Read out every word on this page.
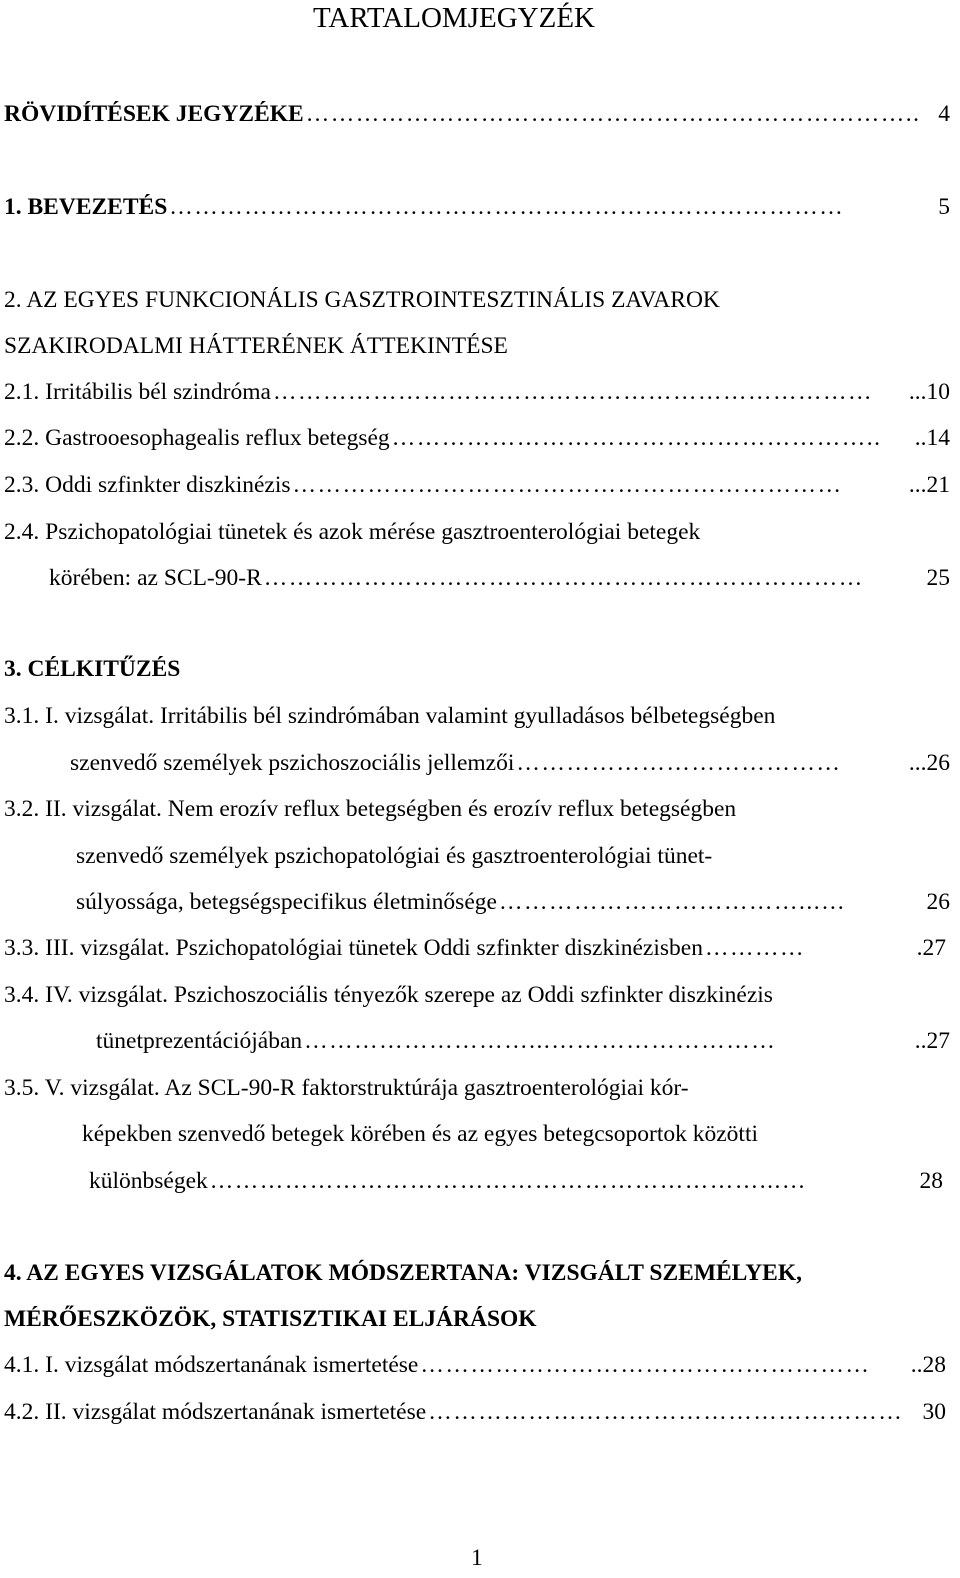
TARTALOMJEGYZÉK
RÖVIDÍTÉSEK JEGYZÉKE ……………………………………………………………….. 4
1. BEVEZETÉS ………………………………………………………………………	5
2. AZ EGYES FUNKCIONÁLIS GASZTROINTESZTINÁLIS ZAVAROK
SZAKIRODALMI HÁTTERÉNEK ÁTTEKINTÉSE
2.1. Irritábilis bél szindróma ………………………………………………………………	...10
2.2. Gastrooesophagealis reflux betegség …………………………………………………..	..14
2.3. Oddi szfinkter diszkinézis …………………………………………………………	...21
2.4. Pszichopatológiai tünetek és azok mérése gasztroenterológiai betegek
körében: az SCL-90-R ………………………………………………………………	25
3. CÉLKITŰZÉS
3.1. I. vizsgálat. Irritábilis bél szindrómában valamint gyulladásos bélbetegségben
szenvedő személyek pszichoszociális jellemzői …………………………………	...26
3.2. II. vizsgálat. Nem erozív reflux betegségben és erozív reflux betegségben
szenvedő személyek pszichopatológiai és gasztroenterológiai tünet-
súlyossága, betegségspecifikus életminősége ………………………………...…	26
3.3. III. vizsgálat. Pszichopatológiai tünetek Oddi szfinkter diszkinézisben …………	.27
3.4. IV. vizsgálat. Pszichoszociális tényezők szerepe az Oddi szfinkter diszkinézis
tünetprezentációjában ………………………...………………………	..27
3.5. V. vizsgálat. Az SCL-90-R faktorstruktúrája gasztroenterológiai kór-
képekben szenvedő betegek körében és az egyes betegcsoportok közötti
különbségek …………………………………………………………...…	28
4. AZ EGYES VIZSGÁLATOK MÓDSZERTANA: VIZSGÁLT SZEMÉLYEK,
MÉRŐESZKÖZÖK, STATISZTIKAI ELJÁRÁSOK
4.1. I. vizsgálat módszertanának ismertetése ………………………………………………	..28
4.2. II. vizsgálat módszertanának ismertetése ………………………………………………… 30
1
